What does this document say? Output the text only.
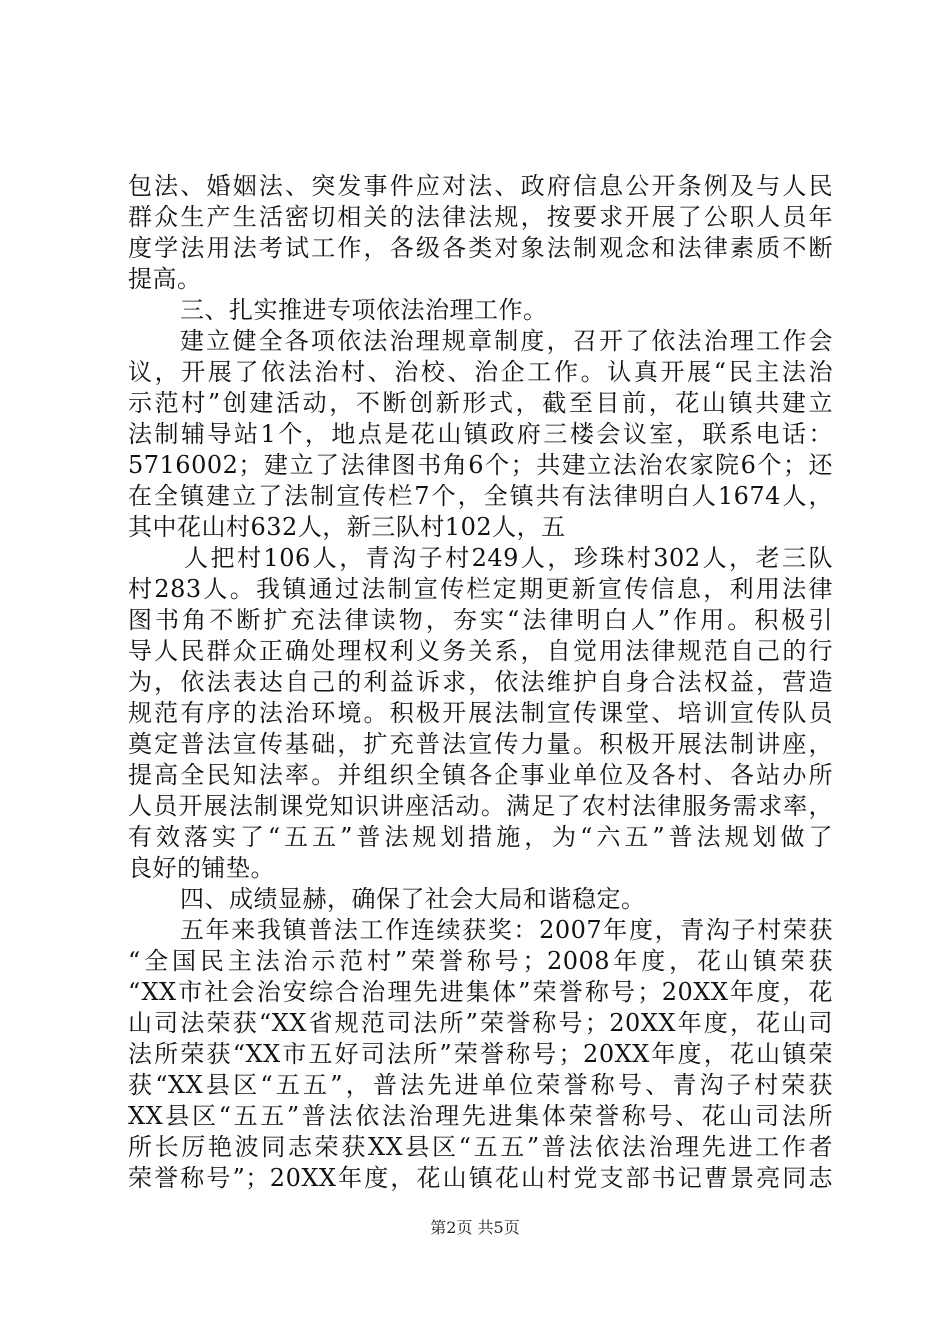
包法、婚姻法、突发事件应对法、政府信息公开条例及与人民
群众生产生活密切相关的法律法规，按要求开展了公职人员年
度学法用法考试工作，各级各类对象法制观念和法律素质不断
提高。
三、扎实推进专项依法治理工作。
建立健全各项依法治理规章制度，召开了依法治理工作会
议，开展了依法治村、治校、治企工作。认真开展“民主法治
示范村”创建活动，不断创新形式，截至目前，花山镇共建立
法制辅导站1个，地点是花山镇政府三楼会议室，联系电话：
5716002；建立了法律图书角6个；共建立法治农家院6个；还
在全镇建立了法制宣传栏7个，全镇共有法律明白人1674人，
其中花山村632人，新三队村102人，五
人把村106人，青沟子村249人，珍珠村302人，老三队
村283人。我镇通过法制宣传栏定期更新宣传信息，利用法律
图书角不断扩充法律读物，夯实“法律明白人”作用。积极引
导人民群众正确处理权利义务关系，自觉用法律规范自己的行
为，依法表达自己的利益诉求，依法维护自身合法权益，营造
规范有序的法治环境。积极开展法制宣传课堂、培训宣传队员
奠定普法宣传基础，扩充普法宣传力量。积极开展法制讲座，
提高全民知法率。并组织全镇各企事业单位及各村、各站办所
人员开展法制课党知识讲座活动。满足了农村法律服务需求率，
有效落实了“五五”普法规划措施，为“六五”普法规划做了
良好的铺垫。
四、成绩显赫，确保了社会大局和谐稳定。
五年来我镇普法工作连续获奖：2007年度，青沟子村荣获
“全国民主法治示范村”荣誉称号；2008年度，花山镇荣获
“XX市社会治安综合治理先进集体”荣誉称号；20XX年度，花
山司法荣获“XX省规范司法所”荣誉称号；20XX年度，花山司
法所荣获“XX市五好司法所”荣誉称号；20XX年度，花山镇荣
获“XX县区“五五”，普法先进单位荣誉称号、青沟子村荣获
XX县区“五五”普法依法治理先进集体荣誉称号、花山司法所
所长厉艳波同志荣获XX县区“五五”普法依法治理先进工作者
荣誉称号”；20XX年度，花山镇花山村党支部书记曹景亮同志
第2页 共5页
